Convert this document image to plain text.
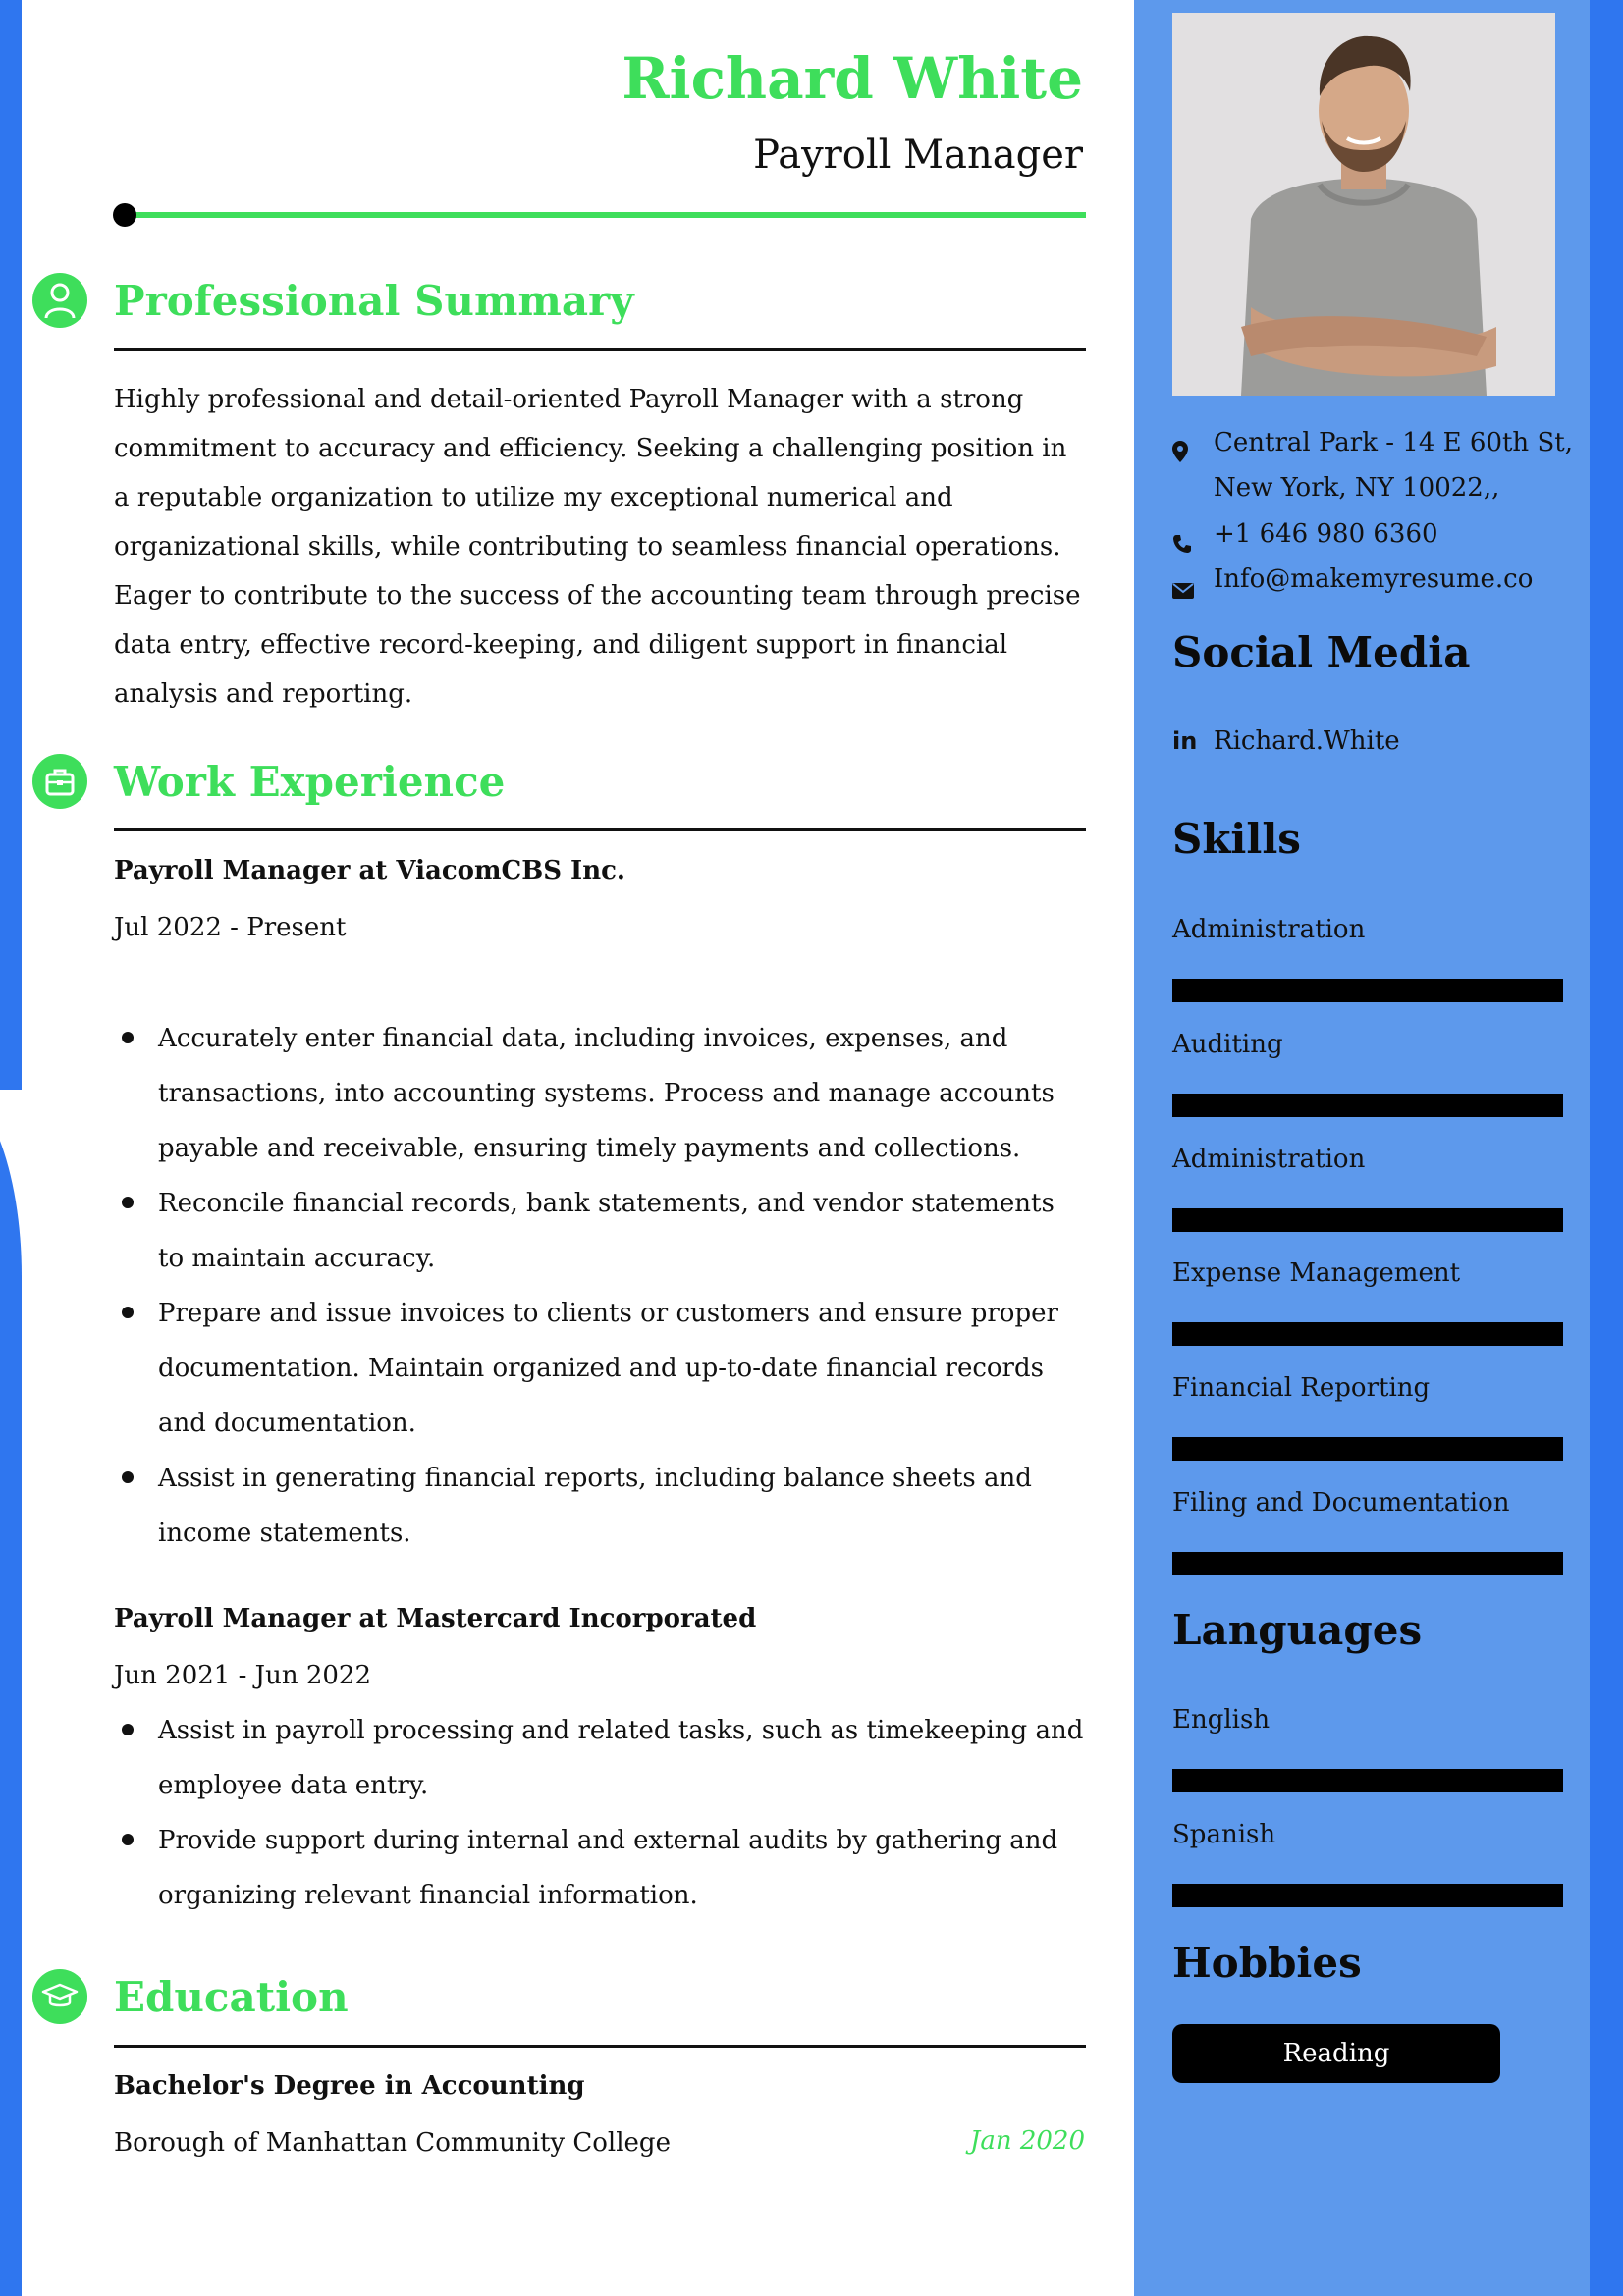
Richard White
Payroll Manager
Professional Summary

Highly professional and detail-oriented Payroll Manager with a strong commitment to accuracy and efficiency. Seeking a challenging position in a reputable organization to utilize my exceptional numerical and organizational skills, while contributing to seamless financial operations. Eager to contribute to the success of the accounting team through precise data entry, effective record-keeping, and diligent support in financial analysis and reporting.

Work Experience
Payroll Manager at ViacomCBS Inc.
Jul 2022 - Present
Accurately enter financial data, including invoices, expenses, and transactions, into accounting systems. Process and manage accounts payable and receivable, ensuring timely payments and collections.
Reconcile financial records, bank statements, and vendor statements to maintain accuracy.
Prepare and issue invoices to clients or customers and ensure proper documentation. Maintain organized and up-to-date financial records and documentation.
Assist in generating financial reports, including balance sheets and income statements.
Payroll Manager at Mastercard Incorporated
Jun 2021 - Jun 2022
Assist in payroll processing and related tasks, such as timekeeping and employee data entry.
Provide support during internal and external audits by gathering and organizing relevant financial information.
Education
Bachelor's Degree in Accounting
Borough of Manhattan Community College	Jan 2020
Central Park - 14 E 60th St, New York, NY 10022,,
+1 646 980 6360
Info@makemyresume.co
Social Media
in Richard.White
Skills
Administration
Auditing
Administration
Expense Management
Financial Reporting
Filing and Documentation
Languages
English
Spanish
Hobbies
Reading
